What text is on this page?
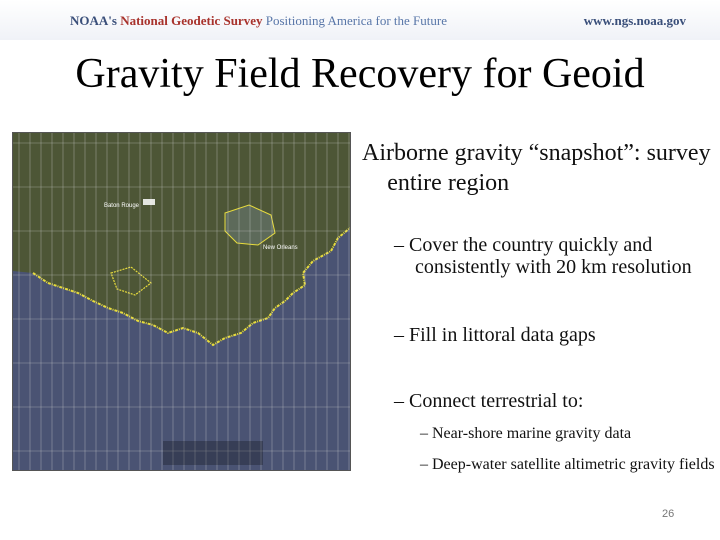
NOAA's National Geodetic Survey Positioning America for the Future	www.ngs.noaa.gov
Gravity Field Recovery for Geoid
Baton Rouge
New Orleans
Airborne gravity “snapshot”: survey entire region
– Cover the country quickly and consistently with 20 km resolution
– Fill in littoral data gaps
– Connect terrestrial to:
– Near-shore marine gravity data
– Deep-water satellite altimetric gravity fields
26
